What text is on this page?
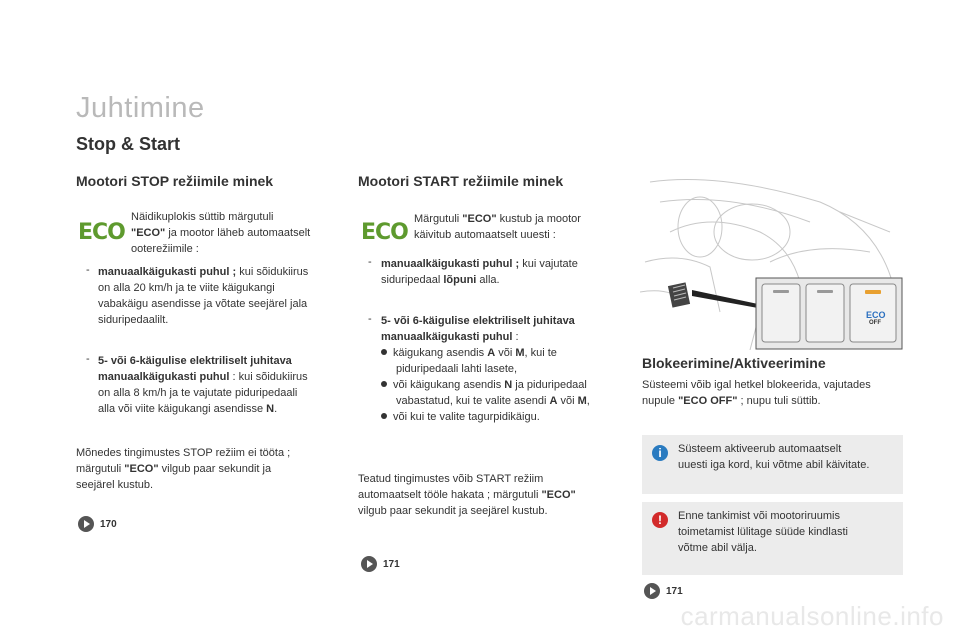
Juhtimine
Stop & Start
Mootori STOP režiimile minek
ECO
Näidikuplokis süttib märgutuli
"ECO" ja mootor läheb automaatselt
ooterežiimile :
- manuaalkäigukasti puhul ; kui sõidukiirus
on alla 20 km/h ja te viite käigukangi
vabakäigu asendisse ja võtate seejärel jala
siduripedaalilt.
- 5- või 6-käigulise elektriliselt juhitava
manuaalkäigukasti puhul : kui sõidukiirus
on alla 8 km/h ja te vajutate piduripedaali
alla või viite käigukangi asendisse N.
Mõnedes tingimustes STOP režiim ei tööta ;
märgutuli "ECO" vilgub paar sekundit ja
seejärel kustub.
170
Mootori START režiimile minek
ECO
Märgutuli "ECO" kustub ja mootor
käivitub automaatselt uuesti :
- manuaalkäigukasti puhul ; kui vajutate
siduripedaal lõpuni alla.
- 5- või 6-käigulise elektriliselt juhitava
manuaalkäigukasti puhul :
käigukang asendis A või M, kui te
piduripedaali lahti lasete,
või käigukang asendis N ja piduripedaal
vabastatud, kui te valite asendi A või M,
või kui te valite tagurpidikäigu.
Teatud tingimustes võib START režiim
automaatselt tööle hakata ; märgutuli "ECO"
vilgub paar sekundit ja seejärel kustub.
171
ECO
OFF
Blokeerimine/Aktiveerimine
Süsteemi võib igal hetkel blokeerida, vajutades
nupule "ECO OFF" ; nupu tuli süttib.
i	Süsteem aktiveerub automaatselt
uuesti iga kord, kui võtme abil käivitate.
!	Enne tankimist või mootoriruumis
toimetamist lülitage süüde kindlasti
võtme abil välja.
171
carmanualsonline.info
